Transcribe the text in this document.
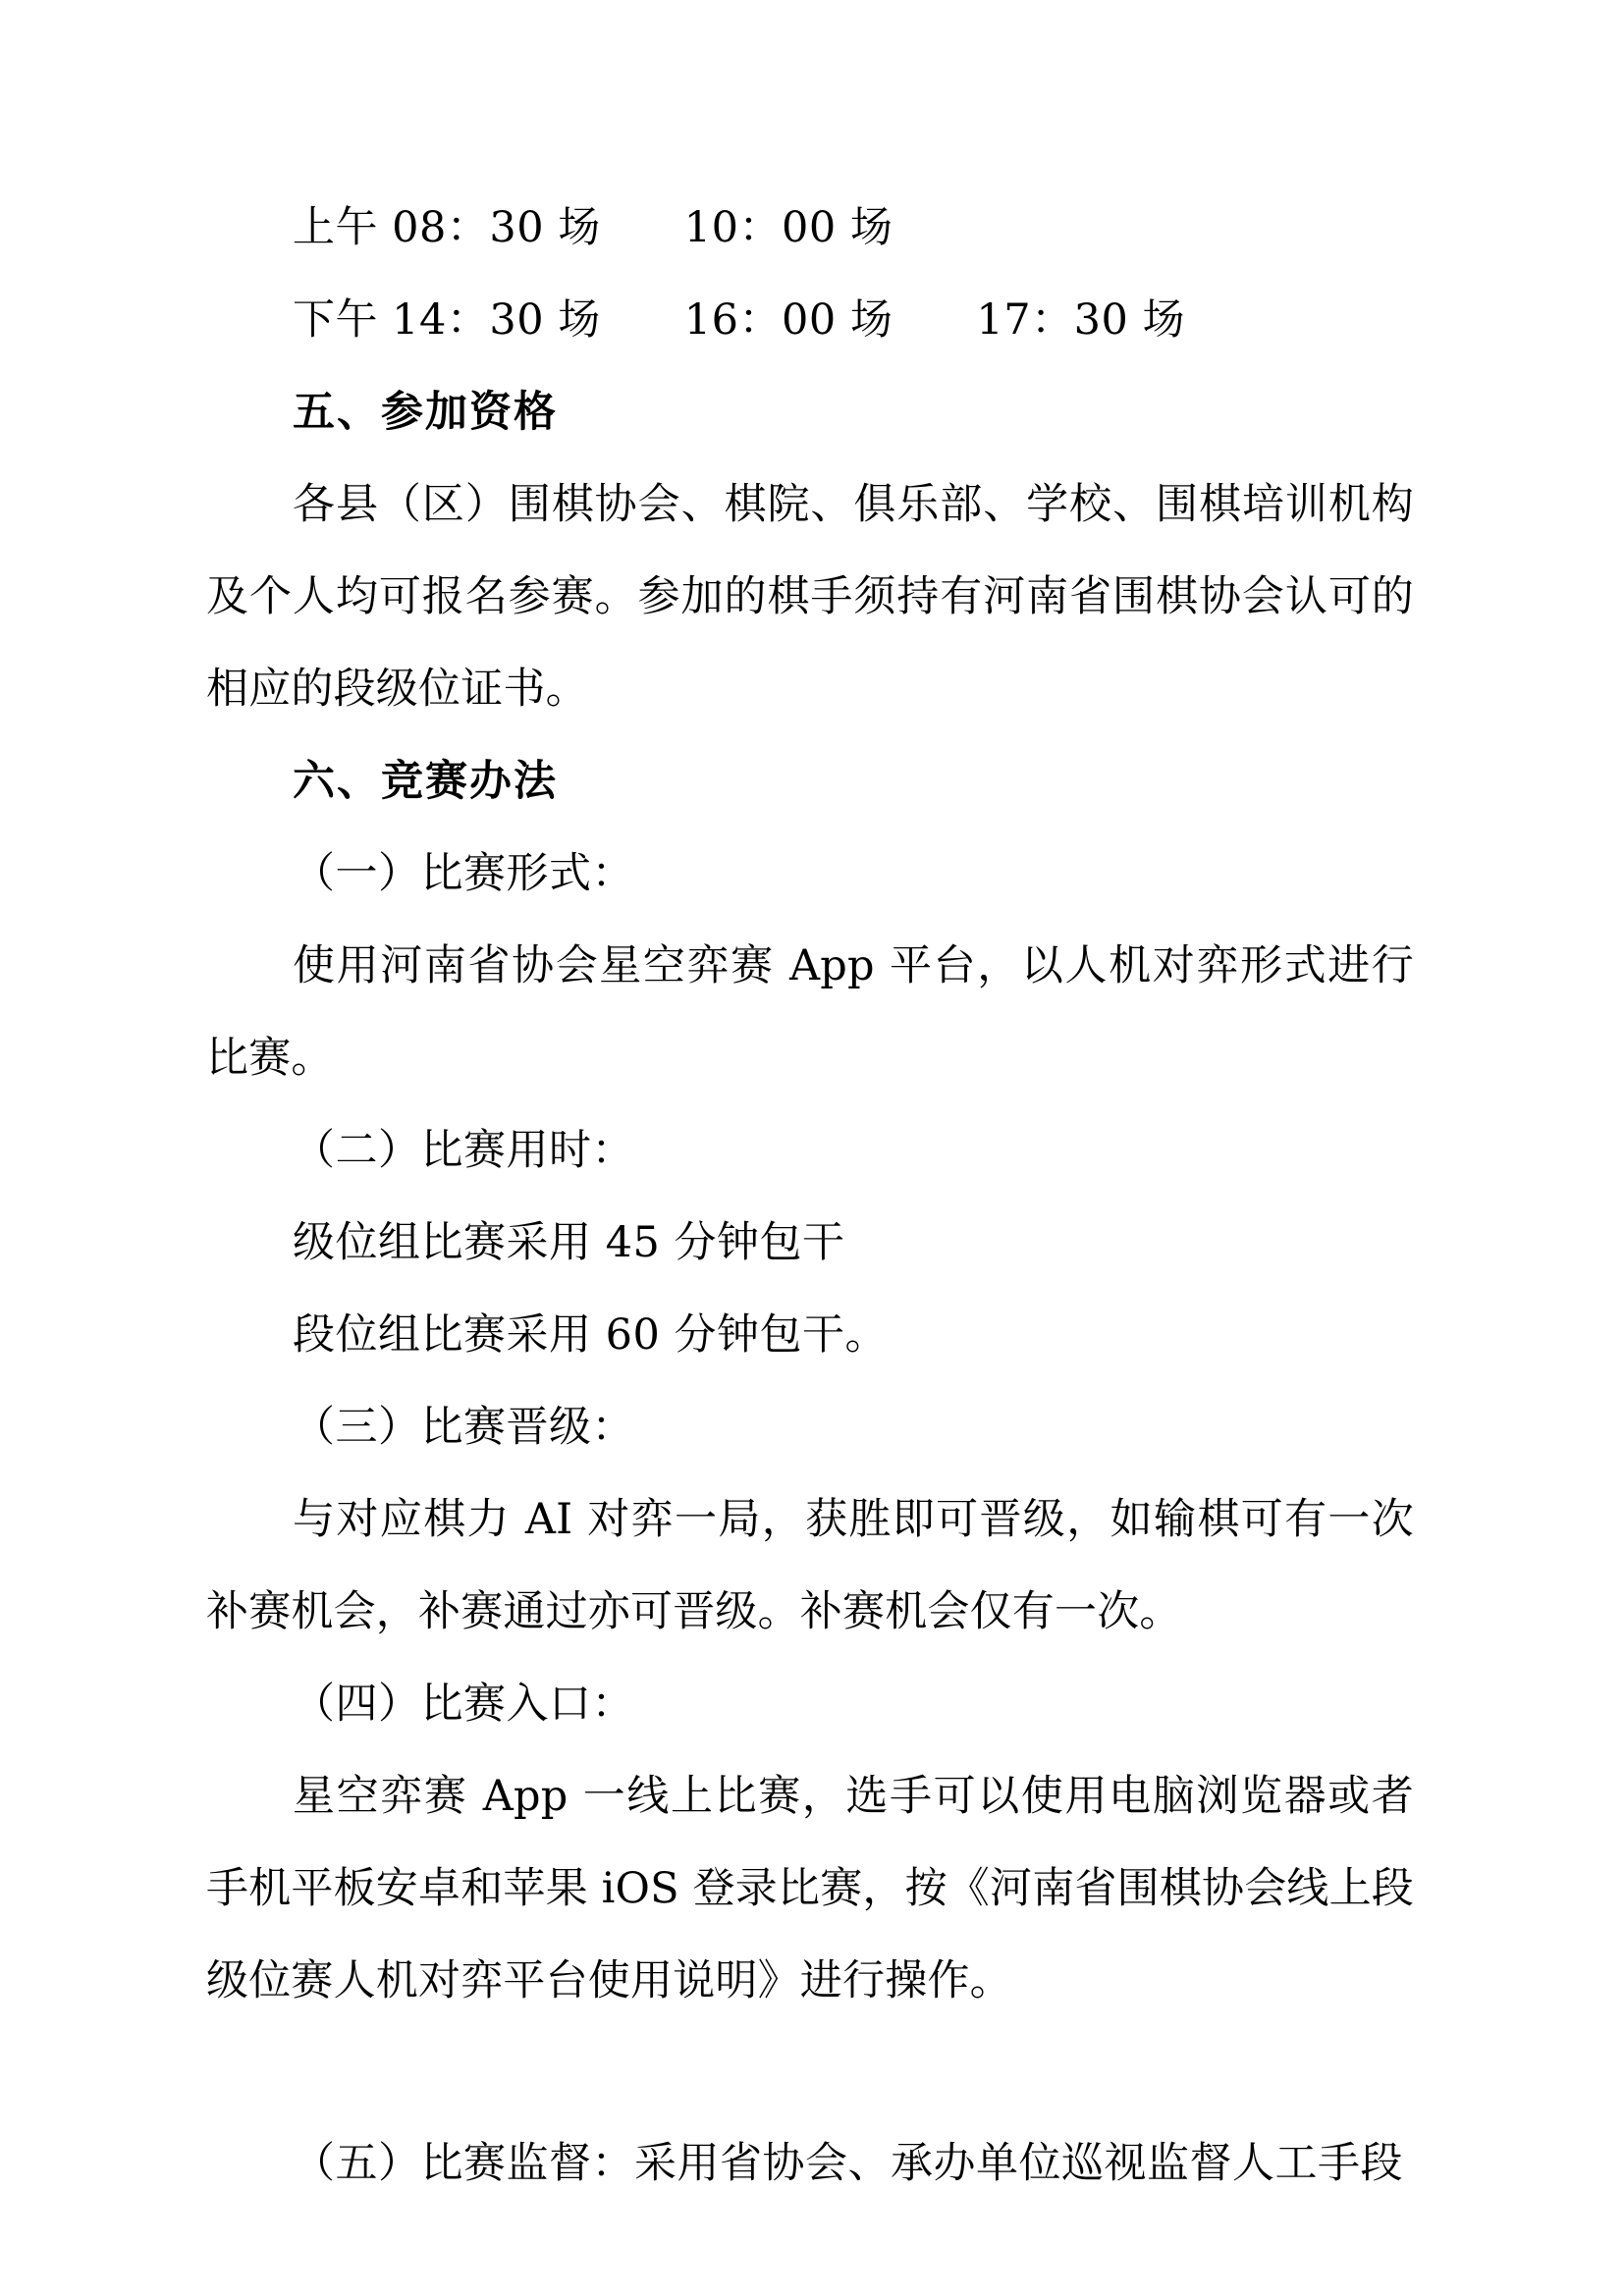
上午 08：30 场      10：00 场
下午 14：30 场      16：00 场      17：30 场
五、参加资格
各县（区）围棋协会、棋院、俱乐部、学校、围棋培训机构及个人均可报名参赛。参加的棋手须持有河南省围棋协会认可的相应的段级位证书。
六、竞赛办法
（一）比赛形式：
使用河南省协会星空弈赛 App 平台，以人机对弈形式进行比赛。
（二）比赛用时：
级位组比赛采用 45 分钟包干
段位组比赛采用 60 分钟包干。
（三）比赛晋级：
与对应棋力 AI 对弈一局，获胜即可晋级，如输棋可有一次补赛机会，补赛通过亦可晋级。补赛机会仅有一次。
（四）比赛入口：
星空弈赛 App 一线上比赛，选手可以使用电脑浏览器或者手机平板安卓和苹果 iOS 登录比赛，按《河南省围棋协会线上段级位赛人机对弈平台使用说明》进行操作。
（五）比赛监督：采用省协会、承办单位巡视监督人工手段
